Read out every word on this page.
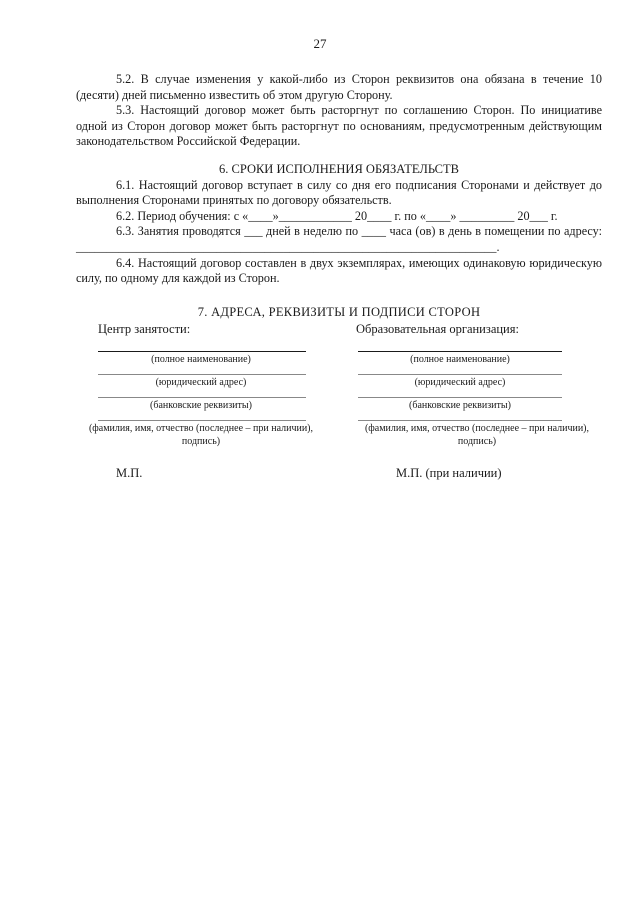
27

5.2. В случае изменения у какой-либо из Сторон реквизитов она обязана в течение 10 (десяти) дней письменно известить об этом другую Сторону.

5.3. Настоящий договор может быть расторгнут по соглашению Сторон. По инициативе одной из Сторон договор может быть расторгнут по основаниям, предусмотренным действующим законодательством Российской Федерации.

6. СРОКИ ИСПОЛНЕНИЯ ОБЯЗАТЕЛЬСТВ

6.1. Настоящий договор вступает в силу со дня его подписания Сторонами и действует до выполнения Сторонами принятых по договору обязательств.

6.2. Период обучения: с «____»____________ 20____ г. по «____» _________ 20___ г.

6.3. Занятия проводятся ___ дней в неделю по ____ часа (ов) в день в помещении по адресу: _____________________________________________________________________.

6.4. Настоящий договор составлен в двух экземплярах, имеющих одинаковую юридическую силу, по одному для каждой из Сторон.

7. АДРЕСА, РЕКВИЗИТЫ И ПОДПИСИ СТОРОН
Центр занятости:
(полное наименование)
(юридический адрес)
(банковские реквизиты)
(фамилия, имя, отчество (последнее – при наличии), подпись)
М.П.
Образовательная организация:
(полное наименование)
(юридический адрес)
(банковские реквизиты)
(фамилия, имя, отчество (последнее – при наличии), подпись)
М.П. (при наличии)
